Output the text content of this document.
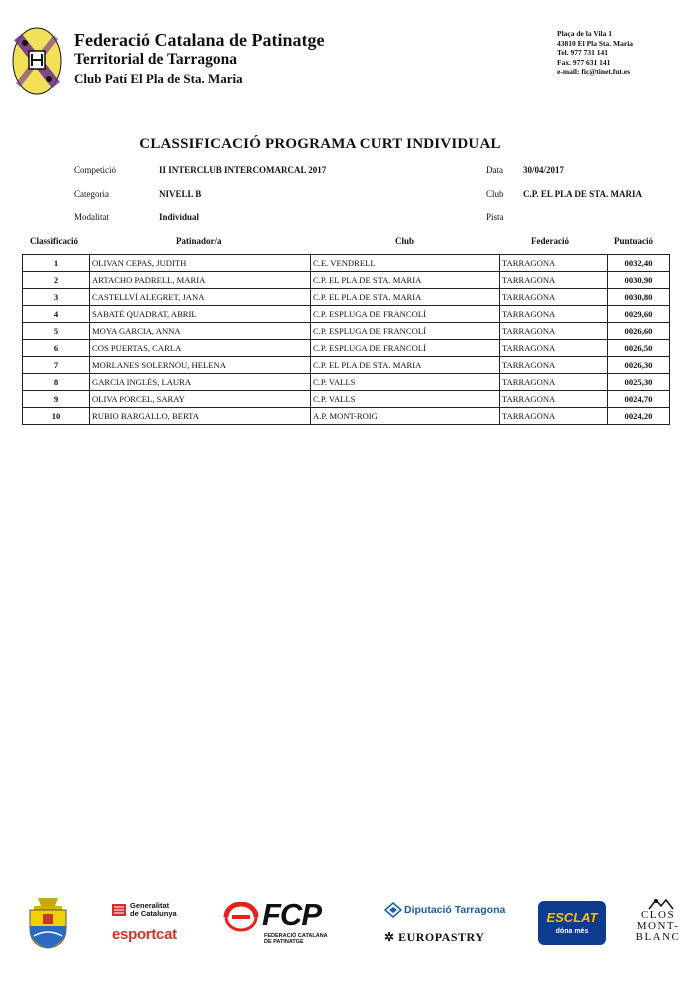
Federació Catalana de Patinatge
Territorial de Tarragona
Club Patí El Pla de Sta. Maria
Plaça de la Vila 1
43810 El Pla Sta. Maria
Tel. 977 731 141
Fax. 977 631 141
e-mail: fic@tinet.fut.es
CLASSIFICACIÓ PROGRAMA CURT INDIVIDUAL
Competició	II INTERCLUB INTERCOMARCAL 2017
Categoria	NIVELL B
Modalitat	Individual
Data 30/04/2017
Club C.P. EL PLA DE STA. MARIA
Pista
Classificació	Patinador/a	Club	Federació	Puntuació
1	OLIVAN CEPAS, JUDITH	C.E. VENDRELL	TARRAGONA	0032,40
2	ARTACHO PADRELL, MARIA	C.P. EL PLA DE STA. MARIA	TARRAGONA	0030,90
3	CASTELLVÍ ALEGRET, JANA	C.P. EL PLA DE STA. MARIA	TARRAGONA	0030,80
4	SABATÉ QUADRAT, ABRIL	C.P. ESPLUGA DE FRANCOLÍ	TARRAGONA	0029,60
5	MOYA GARCIA, ANNA	C.P. ESPLUGA DE FRANCOLÍ	TARRAGONA	0026,60
6	COS PUERTAS, CARLA	C.P. ESPLUGA DE FRANCOLÍ	TARRAGONA	0026,50
7	MORLANES SOLERNOU, HELENA	C.P. EL PLA DE STA. MARIA	TARRAGONA	0026,30
8	GARCIA INGLÉS, LAURA	C.P. VALLS	TARRAGONA	0025,30
9	OLIVA PORCEL, SARAY	C.P. VALLS	TARRAGONA	0024,70
10	RUBIO BARGALLO, BERTA	A.P. MONT-ROIG	TARRAGONA	0024,20
Generalitat
de Catalunya
esportcat
FCP
FEDERACIÓ CATALANA
DE PATINATGE
Diputació Tarragona
✲ EUROPASTRY
ESCLAT
dóna més
CLOS
MONT-
BLANC
